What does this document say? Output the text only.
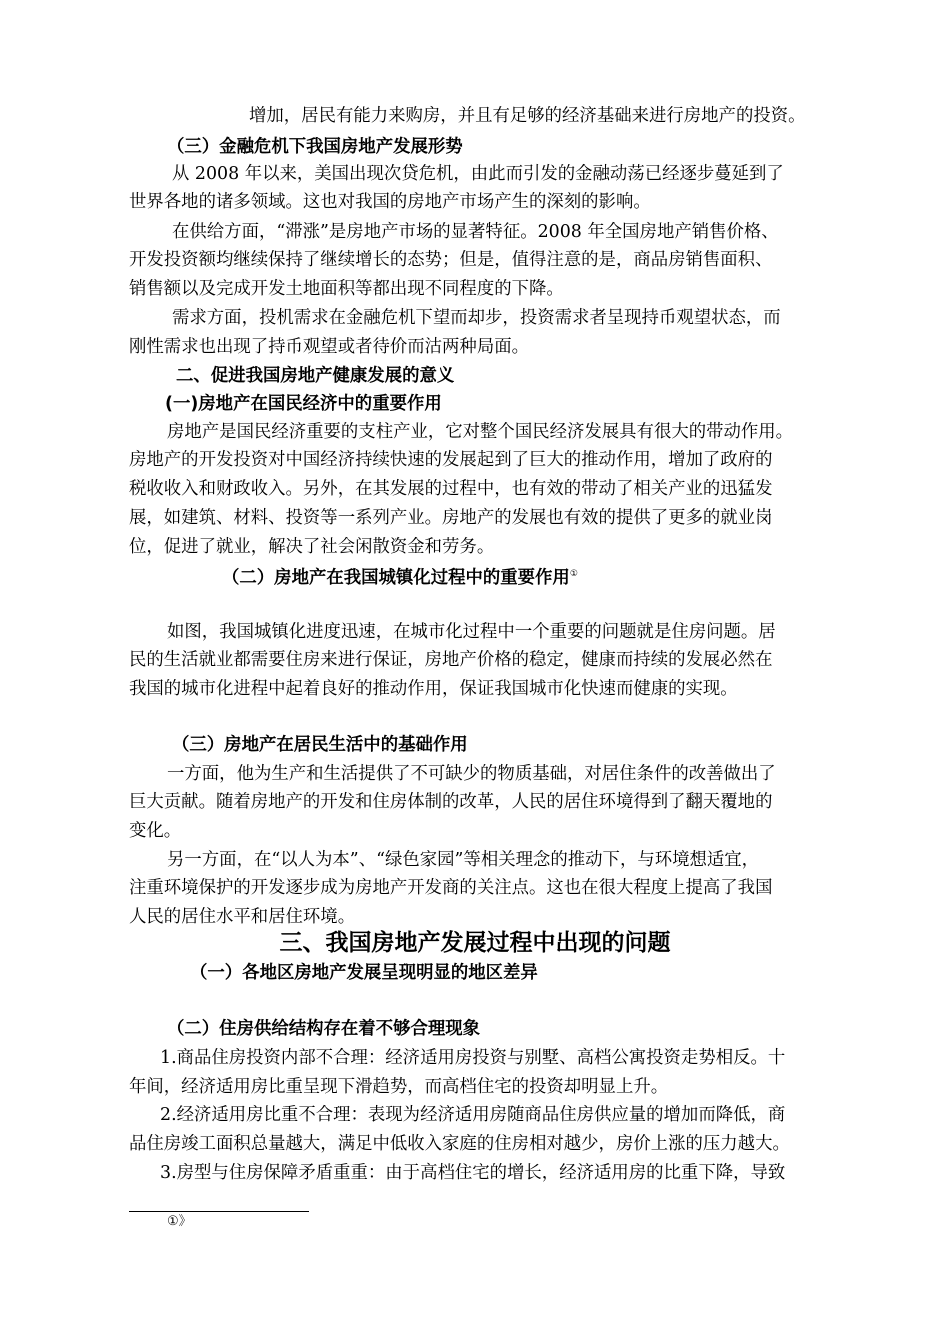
增加，居民有能力来购房，并且有足够的经济基础来进行房地产的投资。
（三）金融危机下我国房地产发展形势
从 2008 年以来，美国出现次贷危机，由此而引发的金融动荡已经逐步蔓延到了
世界各地的诸多领域。这也对我国的房地产市场产生的深刻的影响。
在供给方面，“滞涨”是房地产市场的显著特征。2008 年全国房地产销售价格、
开发投资额均继续保持了继续增长的态势；但是，值得注意的是，商品房销售面积、
销售额以及完成开发土地面积等都出现不同程度的下降。
需求方面，投机需求在金融危机下望而却步，投资需求者呈现持币观望状态，而
刚性需求也出现了持币观望或者待价而沽两种局面。
二、促进我国房地产健康发展的意义
(一)房地产在国民经济中的重要作用
房地产是国民经济重要的支柱产业，它对整个国民经济发展具有很大的带动作用。
房地产的开发投资对中国经济持续快速的发展起到了巨大的推动作用，增加了政府的
税收收入和财政收入。另外，在其发展的过程中，也有效的带动了相关产业的迅猛发
展，如建筑、材料、投资等一系列产业。房地产的发展也有效的提供了更多的就业岗
位，促进了就业，解决了社会闲散资金和劳务。
（二）房地产在我国城镇化过程中的重要作用①
如图，我国城镇化进度迅速，在城市化过程中一个重要的问题就是住房问题。居
民的生活就业都需要住房来进行保证，房地产价格的稳定，健康而持续的发展必然在
我国的城市化进程中起着良好的推动作用，保证我国城市化快速而健康的实现。
（三）房地产在居民生活中的基础作用
一方面，他为生产和生活提供了不可缺少的物质基础，对居住条件的改善做出了
巨大贡献。随着房地产的开发和住房体制的改革，人民的居住环境得到了翻天覆地的
变化。
另一方面，在“以人为本”、“绿色家园”等相关理念的推动下，与环境想适宜，
注重环境保护的开发逐步成为房地产开发商的关注点。这也在很大程度上提高了我国
人民的居住水平和居住环境。
三、我国房地产发展过程中出现的问题
（一）各地区房地产发展呈现明显的地区差异
（二）住房供给结构存在着不够合理现象
1.商品住房投资内部不合理：经济适用房投资与别墅、高档公寓投资走势相反。十
年间，经济适用房比重呈现下滑趋势，而高档住宅的投资却明显上升。
2.经济适用房比重不合理：表现为经济适用房随商品住房供应量的增加而降低，商
品住房竣工面积总量越大，满足中低收入家庭的住房相对越少，房价上涨的压力越大。
3.房型与住房保障矛盾重重：由于高档住宅的增长，经济适用房的比重下降，导致
①》
